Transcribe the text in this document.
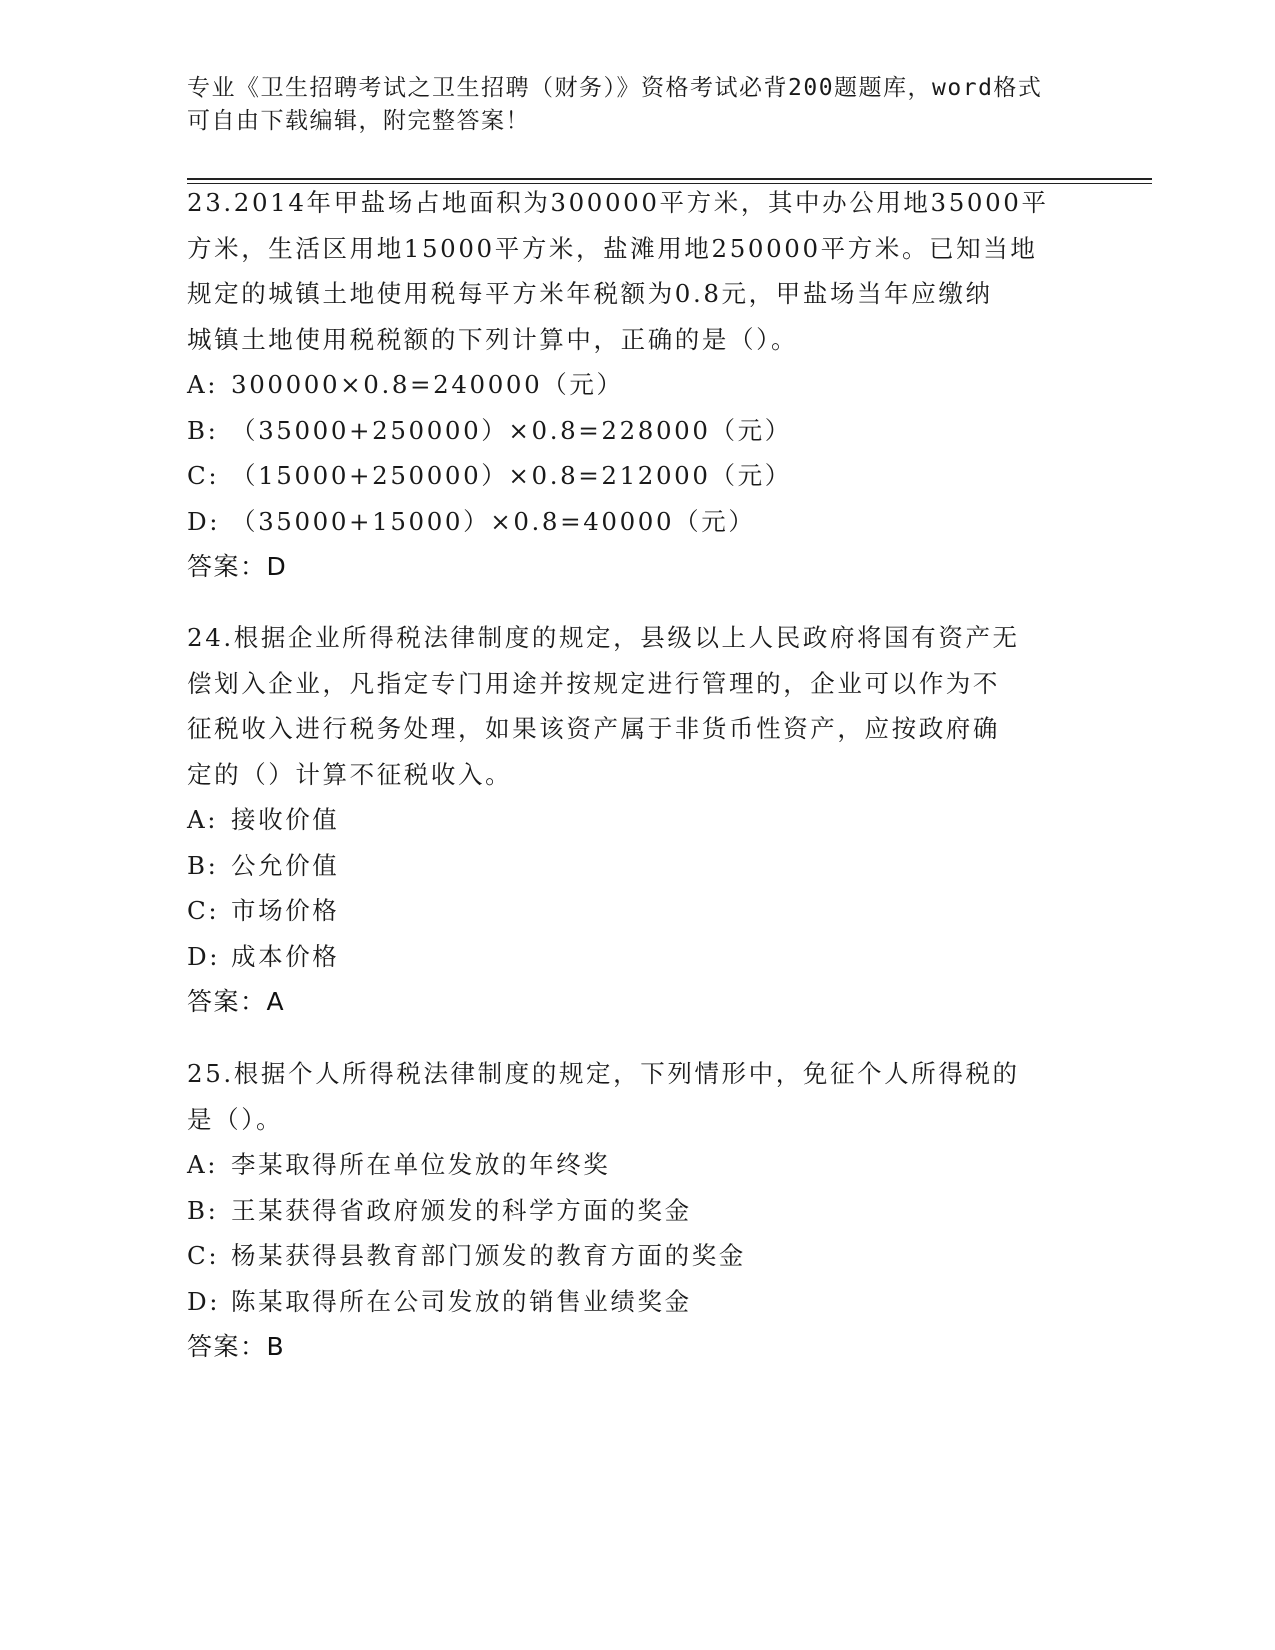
专业《卫生招聘考试之卫生招聘（财务）》资格考试必背200题题库，word格式
可自由下载编辑，附完整答案！
23.2014年甲盐场占地面积为300000平方米，其中办公用地35000平
方米，生活区用地15000平方米，盐滩用地250000平方米。已知当地
规定的城镇土地使用税每平方米年税额为0.8元，甲盐场当年应缴纳
城镇土地使用税税额的下列计算中，正确的是（）。
A: 300000×0.8=240000（元）
B: （35000+250000）×0.8=228000（元）
C: （15000+250000）×0.8=212000（元）
D: （35000+15000）×0.8=40000（元）
答案：D
24.根据企业所得税法律制度的规定，县级以上人民政府将国有资产无
偿划入企业，凡指定专门用途并按规定进行管理的，企业可以作为不
征税收入进行税务处理，如果该资产属于非货币性资产，应按政府确
定的（）计算不征税收入。
A: 接收价值
B: 公允价值
C: 市场价格
D: 成本价格
答案：A
25.根据个人所得税法律制度的规定，下列情形中，免征个人所得税的
是（）。
A: 李某取得所在单位发放的年终奖
B: 王某获得省政府颁发的科学方面的奖金
C: 杨某获得县教育部门颁发的教育方面的奖金
D: 陈某取得所在公司发放的销售业绩奖金
答案：B
